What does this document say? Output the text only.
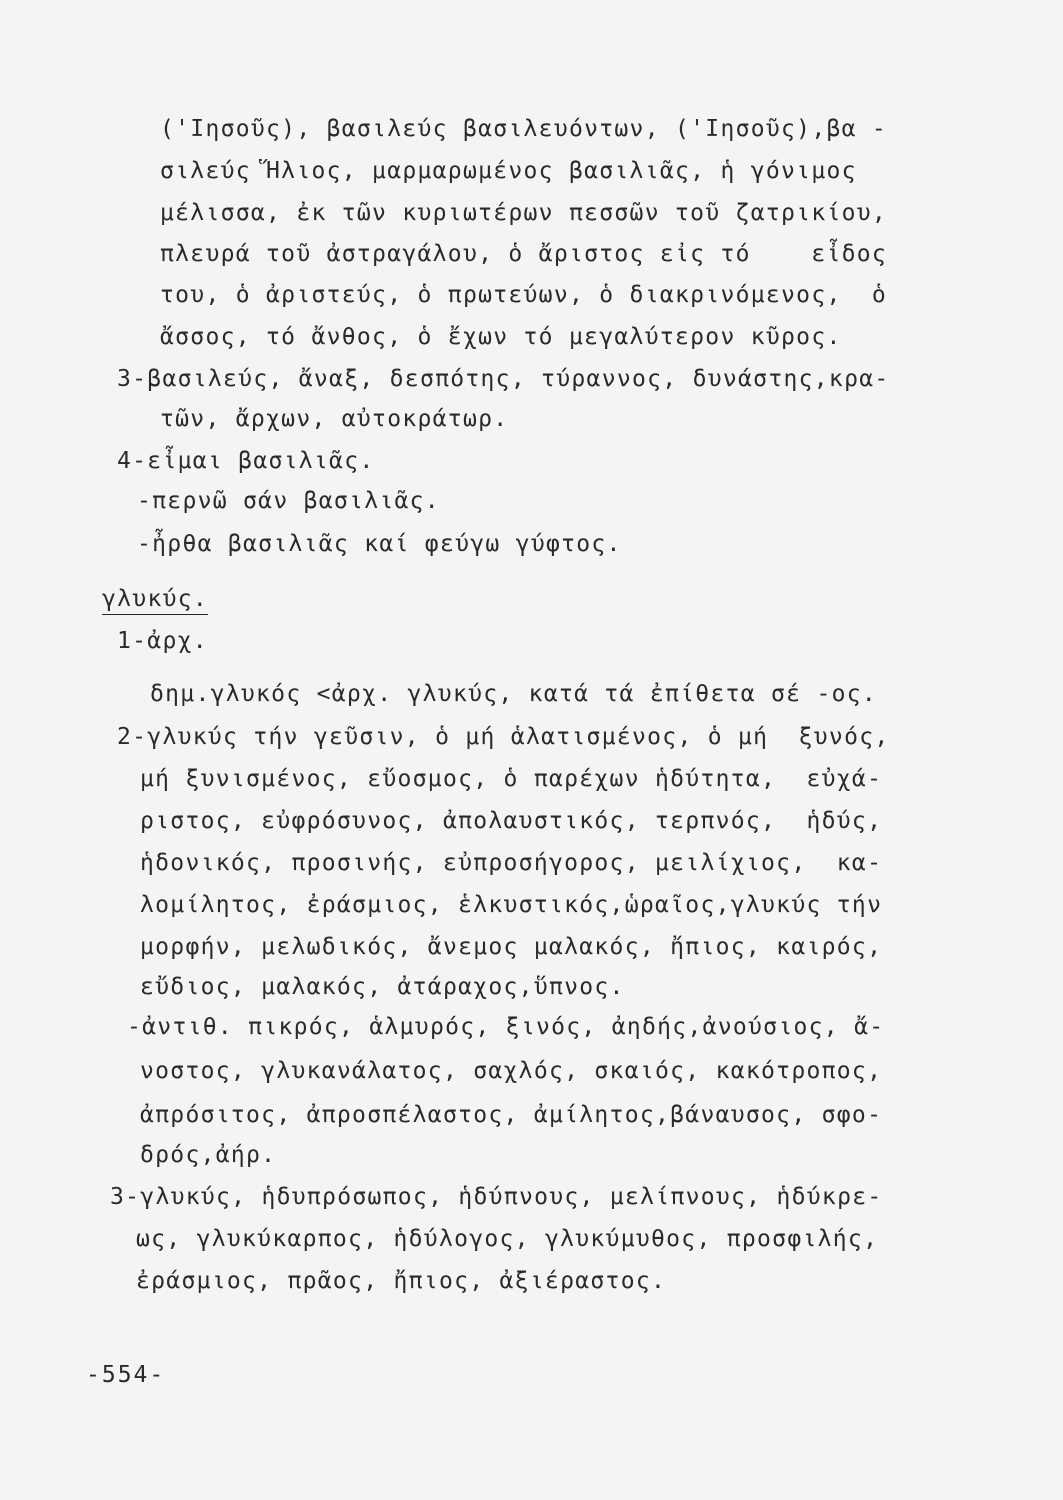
('Ιησοῦς), βασιλεύς βασιλευόντων, ('Ιησοῦς),βα -
σιλεύς Ἥλιος, μαρμαρωμένος βασιλιᾶς, ἡ γόνιμος
μέλισσα, ἐκ τῶν κυριωτέρων πεσσῶν τοῦ ζατρικίου,
πλευρά τοῦ ἀστραγάλου, ὁ ἄριστος εἰς τό    εἶδος
του, ὁ ἀριστεύς, ὁ πρωτεύων, ὁ διακρινόμενος,  ὁ
ἄσσος, τό ἄνθος, ὁ ἔχων τό μεγαλύτερον κῦρος.
3-βασιλεύς, ἄναξ, δεσπότης, τύραννος, δυνάστης,κρα-
τῶν, ἄρχων, αὐτοκράτωρ.
4-εἶμαι βασιλιᾶς.
-περνῶ σάν βασιλιᾶς.
-ἦρθα βασιλιᾶς καί φεύγω γύφτος.
γλυκύς.
1-ἀρχ.
δημ.γλυκός <ἀρχ. γλυκύς, κατά τά ἐπίθετα σέ -ος.
2-γλυκύς τήν γεῦσιν, ὁ μή ἁλατισμένος, ὁ μή  ξυνός,
μή ξυνισμένος, εὔοσμος, ὁ παρέχων ἡδύτητα,  εὐχά-
ριστος, εὐφρόσυνος, ἀπολαυστικός, τερπνός,  ἡδύς,
ἡδονικός, προσινής, εὐπροσήγορος, μειλίχιος,  κα-
λομίλητος, ἐράσμιος, ἑλκυστικός,ὡραῖος,γλυκύς τήν
μορφήν, μελωδικός, ἄνεμος μαλακός, ἤπιος, καιρός,
εὔδιος, μαλακός, ἀτάραχος,ὕπνος.
-ἀντιθ. πικρός, ἁλμυρός, ξινός, ἀηδής,ἀνούσιος, ἄ-
νοστος, γλυκανάλατος, σαχλός, σκαιός, κακότροπος,
ἀπρόσιτος, ἀπροσπέλαστος, ἀμίλητος,βάναυσος, σφο-
δρός,ἀήρ.
3-γλυκύς, ἡδυπρόσωπος, ἡδύπνους, μελίπνους, ἡδύκρε-
ως, γλυκύκαρπος, ἡδύλογος, γλυκύμυθος, προσφιλής,
ἐράσμιος, πρᾶος, ἤπιος, ἀξιέραστος.
-554-
